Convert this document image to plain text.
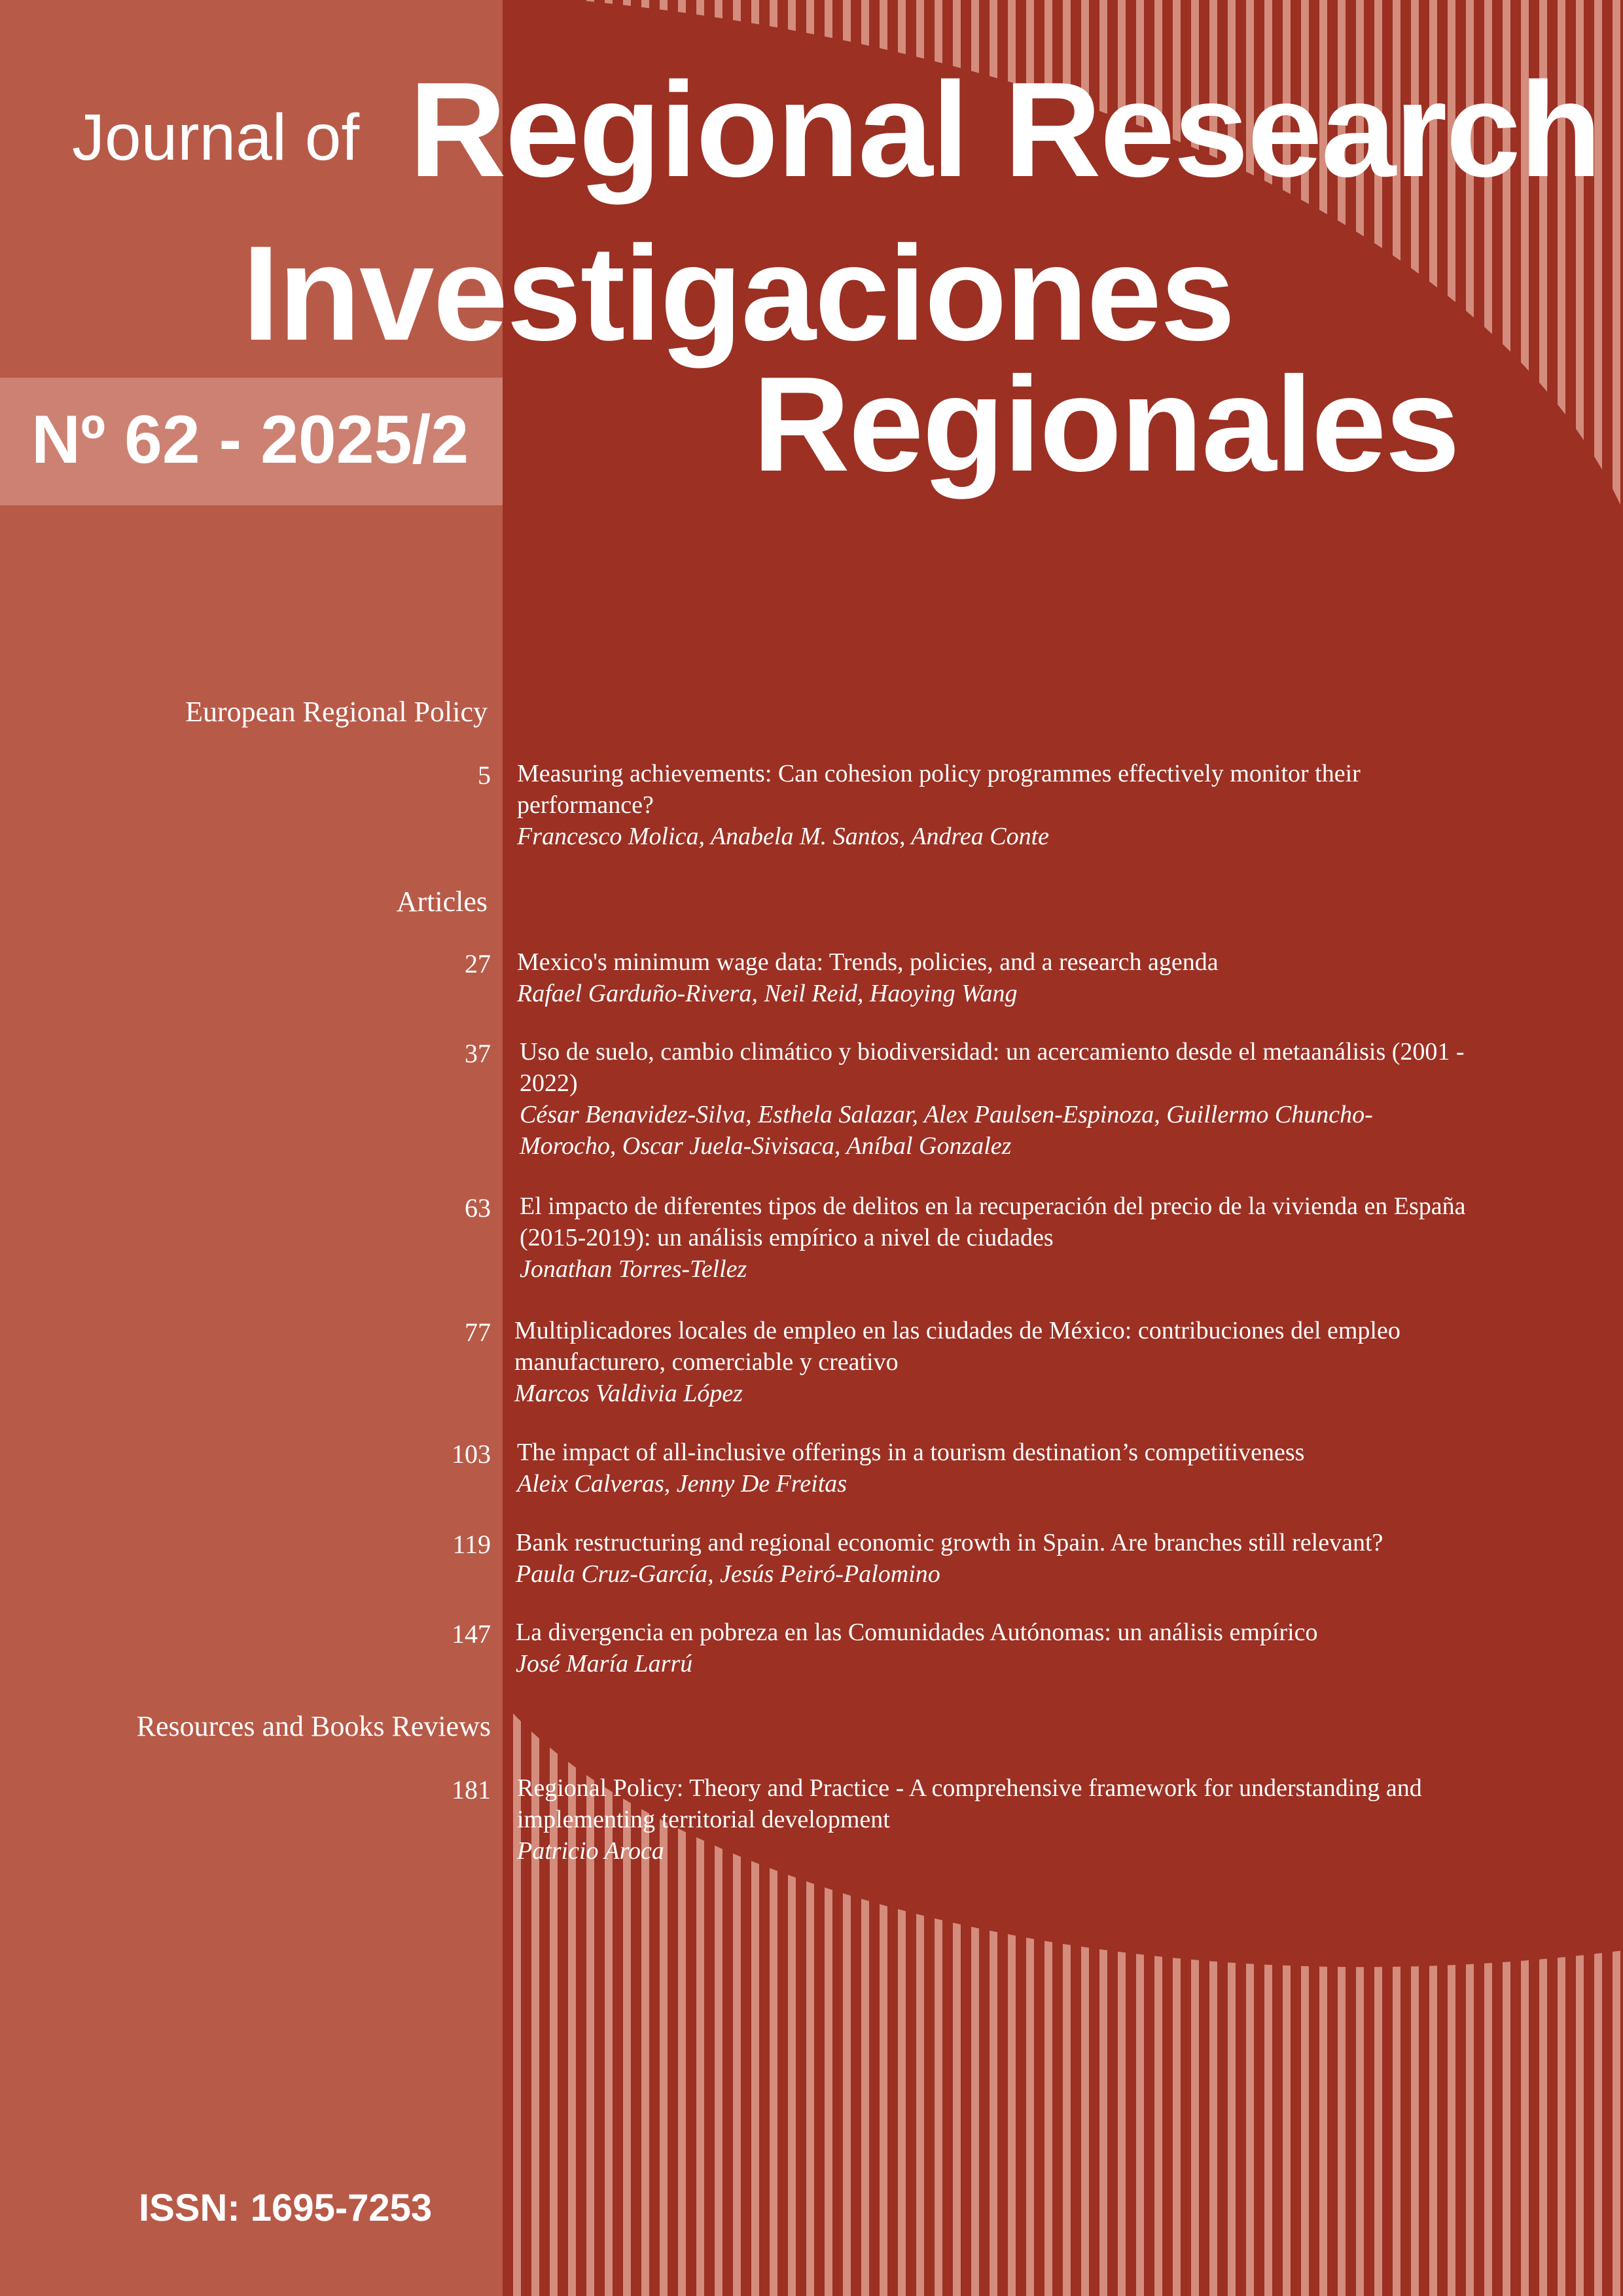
Journal of Regional Research
Investigaciones
Regionales
Nº 62 - 2025/2
European Regional Policy
Articles
Resources and Books Reviews
5 Measuring achievements: Can cohesion policy programmes effectively monitor their performance?
Francesco Molica, Anabela M. Santos, Andrea Conte
27 Mexico's minimum wage data: Trends, policies, and a research agenda
Rafael Garduño-Rivera, Neil Reid, Haoying Wang
37 Uso de suelo, cambio climático y biodiversidad: un acercamiento desde el metaanálisis (2001 - 2022)
César Benavidez-Silva, Esthela Salazar, Alex Paulsen-Espinoza, Guillermo Chuncho-Morocho, Oscar Juela-Sivisaca, Aníbal Gonzalez
63 El impacto de diferentes tipos de delitos en la recuperación del precio de la vivienda en España (2015-2019): un análisis empírico a nivel de ciudades
Jonathan Torres-Tellez
77 Multiplicadores locales de empleo en las ciudades de México: contribuciones del empleo manufacturero, comerciable y creativo
Marcos Valdivia López
103 The impact of all-inclusive offerings in a tourism destination’s competitiveness
Aleix Calveras, Jenny De Freitas
119 Bank restructuring and regional economic growth in Spain. Are branches still relevant?
Paula Cruz-García, Jesús Peiró-Palomino
147 La divergencia en pobreza en las Comunidades Autónomas: un análisis empírico
José María Larrú
181 Regional Policy: Theory and Practice - A comprehensive framework for understanding and implementing territorial development
Patricio Aroca
ISSN: 1695-7253
